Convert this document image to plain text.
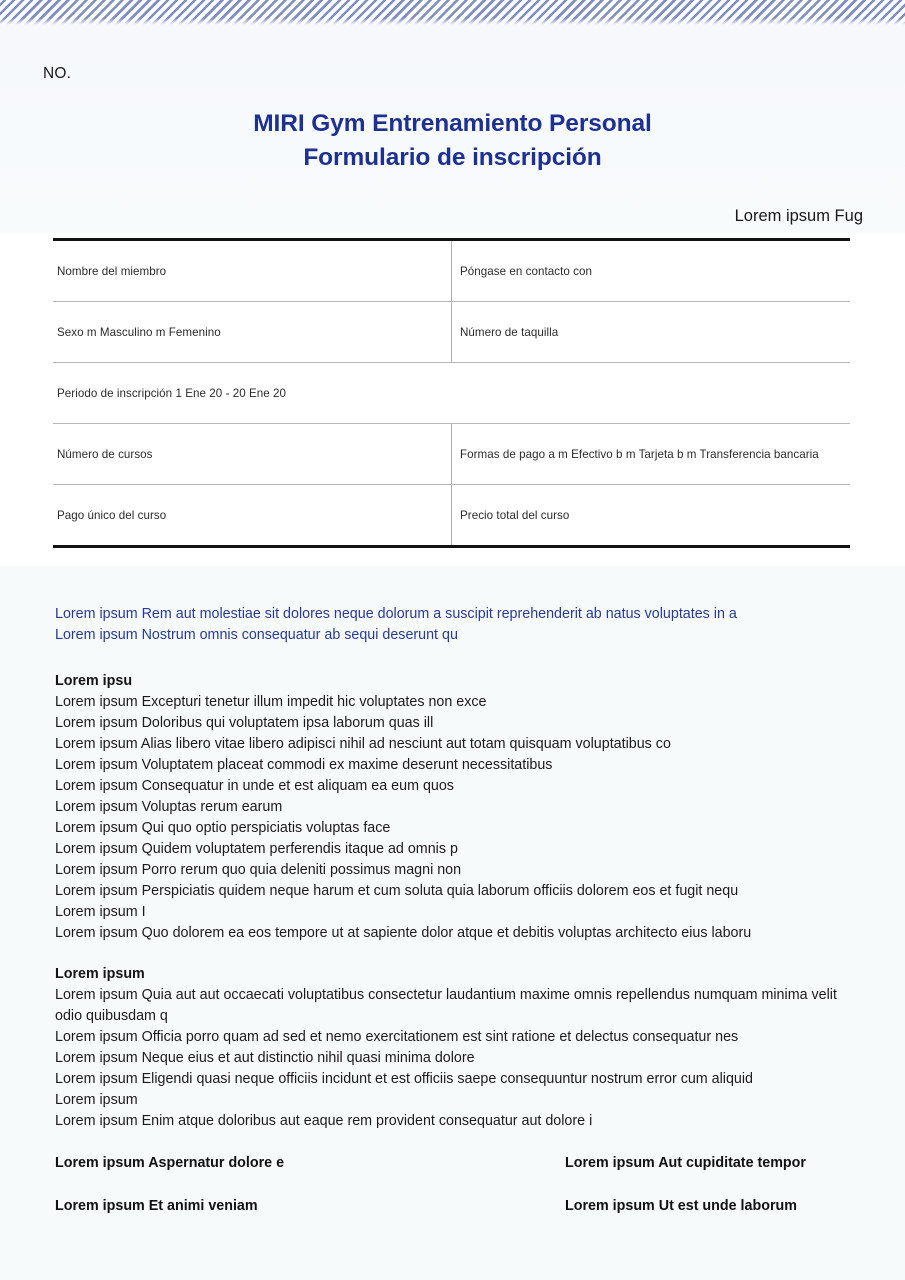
NO.
MIRI Gym Entrenamiento Personal
Formulario de inscripción
Lorem ipsum Fug
Nombre del miembro	Póngase en contacto con

Sexo m Masculino m Femenino	Número de taquilla

Periodo de inscripción 1 Ene 20 - 20 Ene 20	

Número de cursos	Formas de pago a m Efectivo b m Tarjeta b m Transferencia bancaria

Pago único del curso	Precio total del curso
Lorem ipsum Rem aut molestiae sit dolores neque dolorum a suscipit reprehenderit ab natus voluptates in a
Lorem ipsum Nostrum omnis consequatur ab sequi deserunt qu
Lorem ipsu
Lorem ipsum Excepturi tenetur illum impedit hic voluptates non exce
Lorem ipsum Doloribus qui voluptatem ipsa laborum quas ill
Lorem ipsum Alias libero vitae libero adipisci nihil ad nesciunt aut totam quisquam voluptatibus co
Lorem ipsum Voluptatem placeat commodi ex maxime deserunt necessitatibus
Lorem ipsum Consequatur in unde et est aliquam ea eum quos
Lorem ipsum Voluptas rerum earum
Lorem ipsum Qui quo optio perspiciatis voluptas face
Lorem ipsum Quidem voluptatem perferendis itaque ad omnis p
Lorem ipsum Porro rerum quo quia deleniti possimus magni non
Lorem ipsum Perspiciatis quidem neque harum et cum soluta quia laborum officiis dolorem eos et fugit nequ
Lorem ipsum I
Lorem ipsum Quo dolorem ea eos tempore ut at sapiente dolor atque et debitis voluptas architecto eius laboru
Lorem ipsum
Lorem ipsum Quia aut aut occaecati voluptatibus consectetur laudantium maxime omnis repellendus numquam minima velit odio quibusdam q
Lorem ipsum Officia porro quam ad sed et nemo exercitationem est sint ratione et delectus consequatur nes
Lorem ipsum Neque eius et aut distinctio nihil quasi minima dolore
Lorem ipsum Eligendi quasi neque officiis incidunt et est officiis saepe consequuntur nostrum error cum aliquid
Lorem ipsum
Lorem ipsum Enim atque doloribus aut eaque rem provident consequatur aut dolore i
Lorem ipsum Aspernatur dolore e	Lorem ipsum Aut cupiditate tempor
Lorem ipsum Et animi veniam	Lorem ipsum Ut est unde laborum
